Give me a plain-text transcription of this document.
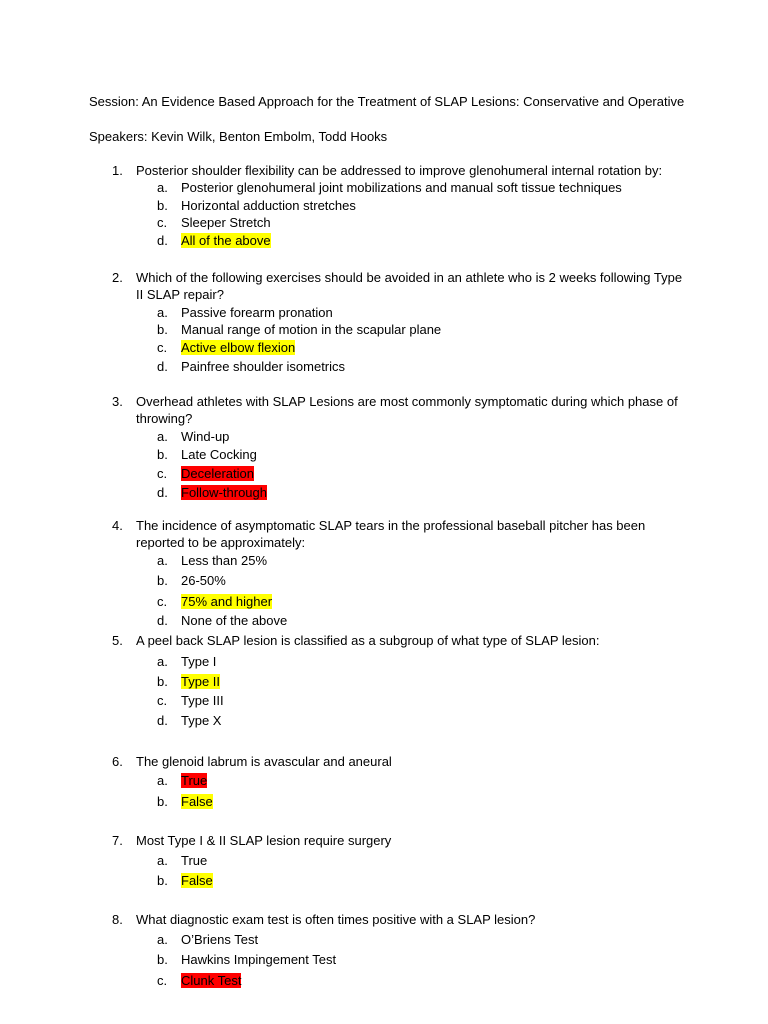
Session: An Evidence Based Approach for the Treatment of SLAP Lesions: Conservative and Operative
Speakers: Kevin Wilk, Benton Embolm, Todd Hooks
1. Posterior shoulder flexibility can be addressed to improve glenohumeral internal rotation by:
a. Posterior glenohumeral joint mobilizations and manual soft tissue techniques
b. Horizontal adduction stretches
c. Sleeper Stretch
d. All of the above
2. Which of the following exercises should be avoided in an athlete who is 2 weeks following Type
II SLAP repair?
a. Passive forearm pronation
b. Manual range of motion in the scapular plane
c. Active elbow flexion
d. Painfree shoulder isometrics
3. Overhead athletes with SLAP Lesions are most commonly symptomatic during which phase of
throwing?
a. Wind-up
b. Late Cocking
c. Deceleration
d. Follow-through
4. The incidence of asymptomatic SLAP tears in the professional baseball pitcher has been
reported to be approximately:
a. Less than 25%
b. 26-50%
c. 75% and higher
d. None of the above
5. A peel back SLAP lesion is classified as a subgroup of what type of SLAP lesion:
a. Type I
b. Type II
c. Type III
d. Type X
6. The glenoid labrum is avascular and aneural
a. True
b. False
7. Most Type I & II SLAP lesion require surgery
a. True
b. False
8. What diagnostic exam test is often times positive with a SLAP lesion?
a. O’Briens Test
b. Hawkins Impingement Test
c. Clunk Test
